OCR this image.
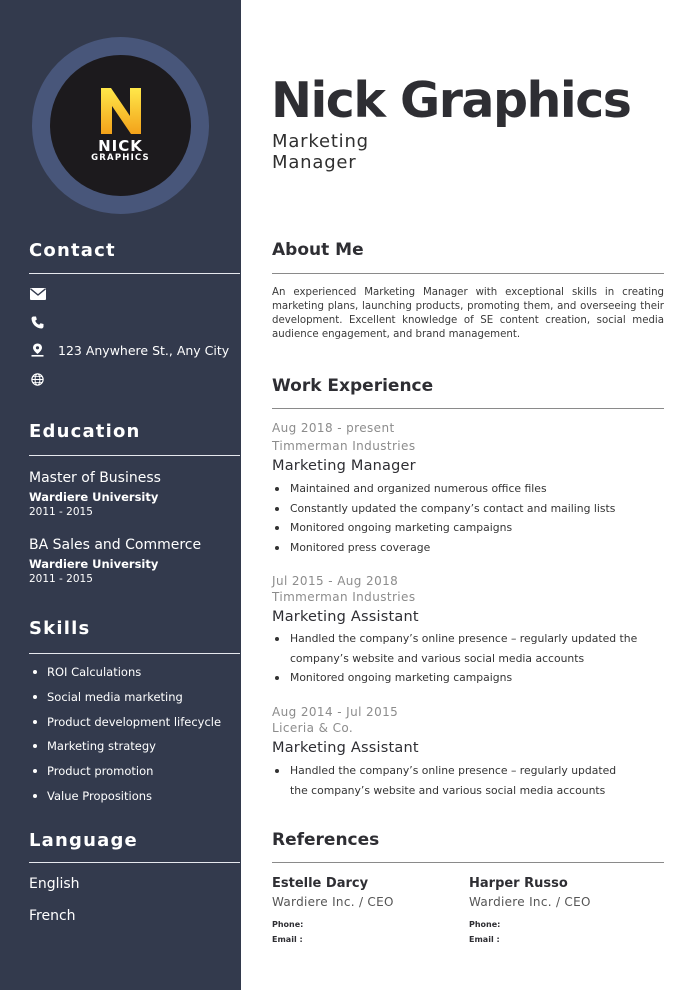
NICK
GRAPHICS
Contact
123 Anywhere St., Any City
Education
Master of Business
Wardiere University
2011 - 2015
BA Sales and Commerce
Wardiere University
2011 - 2015
Skills
ROI Calculations
Social media marketing
Product development lifecycle
Marketing strategy
Product promotion
Value Propositions
Language
English
French
Nick Graphics
Marketing
Manager
About Me
An experienced Marketing Manager with exceptional skills in creating marketing plans, launching products, promoting them, and overseeing their development. Excellent knowledge of SE content creation, social media audience engagement, and brand management.
Work Experience
Aug 2018 - present
Timmerman Industries
Marketing Manager
Maintained and organized numerous office files
Constantly updated the company’s contact and mailing lists
Monitored ongoing marketing campaigns
Monitored press coverage
Jul 2015 - Aug 2018
Timmerman Industries
Marketing Assistant
Handled the company’s online presence – regularly updated the
company’s website and various social media accounts
Monitored ongoing marketing campaigns
Aug 2014 - Jul 2015
Liceria & Co.
Marketing Assistant
Handled the company’s online presence – regularly updated
the company’s website and various social media accounts
References
Estelle Darcy
Wardiere Inc. / CEO
Phone:
Email :
Harper Russo
Wardiere Inc. / CEO
Phone:
Email :
